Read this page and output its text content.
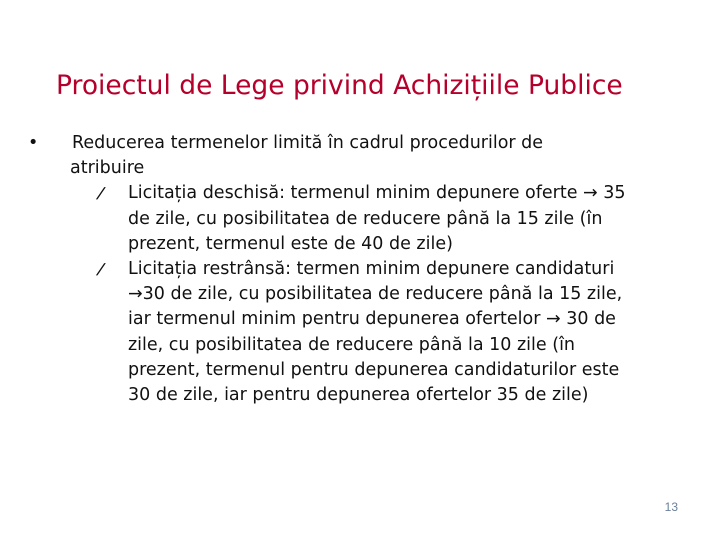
Proiectul de Lege privind Achizițiile Publice
•	Reducerea termenelor limită în cadrul procedurilor de
atribuire
/	Licitația deschisă: termenul minim depunere oferte → 35
de zile, cu posibilitatea de reducere până la 15 zile (în
prezent, termenul este de 40 de zile)
/	Licitația restrânsă: termen minim depunere candidaturi
→30 de zile, cu posibilitatea de reducere până la 15 zile,
iar termenul minim pentru depunerea ofertelor → 30 de
zile, cu posibilitatea de reducere până la 10 zile (în
prezent, termenul pentru depunerea candidaturilor este
30 de zile, iar pentru depunerea ofertelor 35 de zile)
13
